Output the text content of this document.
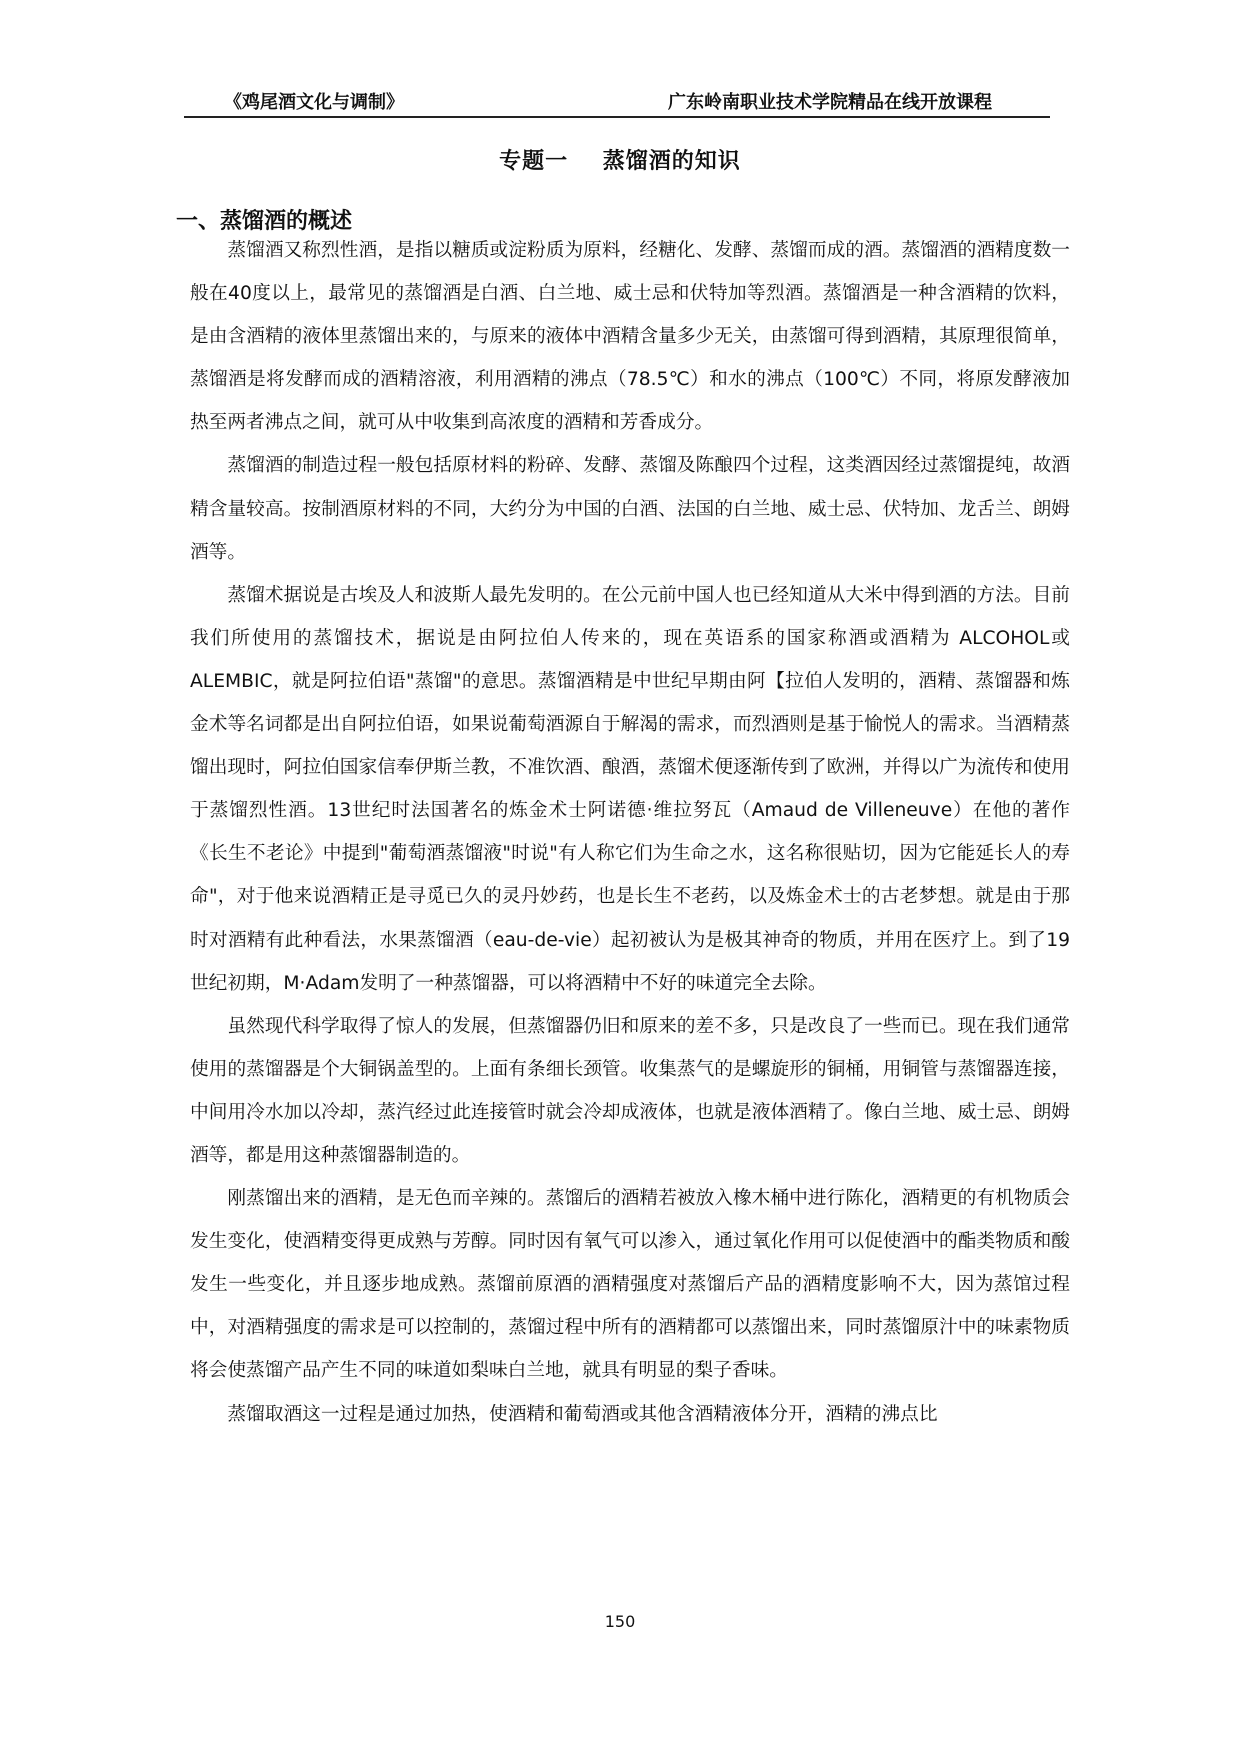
《鸡尾酒文化与调制》	广东岭南职业技术学院精品在线开放课程
专题一    蒸馏酒的知识
一、蒸馏酒的概述

蒸馏酒又称烈性酒，是指以糖质或淀粉质为原料，经糖化、发酵、蒸馏而成的酒。蒸馏酒的酒精度数一般在40度以上，最常见的蒸馏酒是白酒、白兰地、威士忌和伏特加等烈酒。蒸馏酒是一种含酒精的饮料，是由含酒精的液体里蒸馏出来的，与原来的液体中酒精含量多少无关，由蒸馏可得到酒精，其原理很简单，蒸馏酒是将发酵而成的酒精溶液，利用酒精的沸点（78.5℃）和水的沸点（100℃）不同，将原发酵液加热至两者沸点之间，就可从中收集到高浓度的酒精和芳香成分。

蒸馏酒的制造过程一般包括原材料的粉碎、发酵、蒸馏及陈酿四个过程，这类酒因经过蒸馏提纯，故酒精含量较高。按制酒原材料的不同，大约分为中国的白酒、法国的白兰地、威士忌、伏特加、龙舌兰、朗姆酒等。

蒸馏术据说是古埃及人和波斯人最先发明的。在公元前中国人也已经知道从大米中得到酒的方法。目前我们所使用的蒸馏技术，据说是由阿拉伯人传来的，现在英语系的国家称酒或酒精为 ALCOHOL或 ALEMBIC，就是阿拉伯语"蒸馏"的意思。蒸馏酒精是中世纪早期由阿【拉伯人发明的，酒精、蒸馏器和炼金术等名词都是出自阿拉伯语，如果说葡萄酒源自于解渴的需求，而烈酒则是基于愉悦人的需求。当酒精蒸馏出现时，阿拉伯国家信奉伊斯兰教，不准饮酒、酿酒，蒸馏术便逐渐传到了欧洲，并得以广为流传和使用于蒸馏烈性酒。13世纪时法国著名的炼金术士阿诺德·维拉努瓦（Amaud de Villeneuve）在他的著作《长生不老论》中提到"葡萄酒蒸馏液"时说"有人称它们为生命之水，这名称很贴切，因为它能延长人的寿命"，对于他来说酒精正是寻觅已久的灵丹妙药，也是长生不老药，以及炼金术士的古老梦想。就是由于那时对酒精有此种看法，水果蒸馏酒（eau-de-vie）起初被认为是极其神奇的物质，并用在医疗上。到了19世纪初期，M·Adam发明了一种蒸馏器，可以将酒精中不好的味道完全去除。

虽然现代科学取得了惊人的发展，但蒸馏器仍旧和原来的差不多，只是改良了一些而已。现在我们通常使用的蒸馏器是个大铜锅盖型的。上面有条细长颈管。收集蒸气的是螺旋形的铜桶，用铜管与蒸馏器连接，中间用冷水加以冷却，蒸汽经过此连接管时就会冷却成液体，也就是液体酒精了。像白兰地、威士忌、朗姆酒等，都是用这种蒸馏器制造的。

刚蒸馏出来的酒精，是无色而辛辣的。蒸馏后的酒精若被放入橡木桶中进行陈化，酒精更的有机物质会发生变化，使酒精变得更成熟与芳醇。同时因有氧气可以渗入，通过氧化作用可以促使酒中的酯类物质和酸发生一些变化，并且逐步地成熟。蒸馏前原酒的酒精强度对蒸馏后产品的酒精度影响不大，因为蒸馆过程中，对酒精强度的需求是可以控制的，蒸馏过程中所有的酒精都可以蒸馏出来，同时蒸馏原汁中的味素物质将会使蒸馏产品产生不同的味道如梨味白兰地，就具有明显的梨子香味。

蒸馏取酒这一过程是通过加热，使酒精和葡萄酒或其他含酒精液体分开，酒精的沸点比

150
